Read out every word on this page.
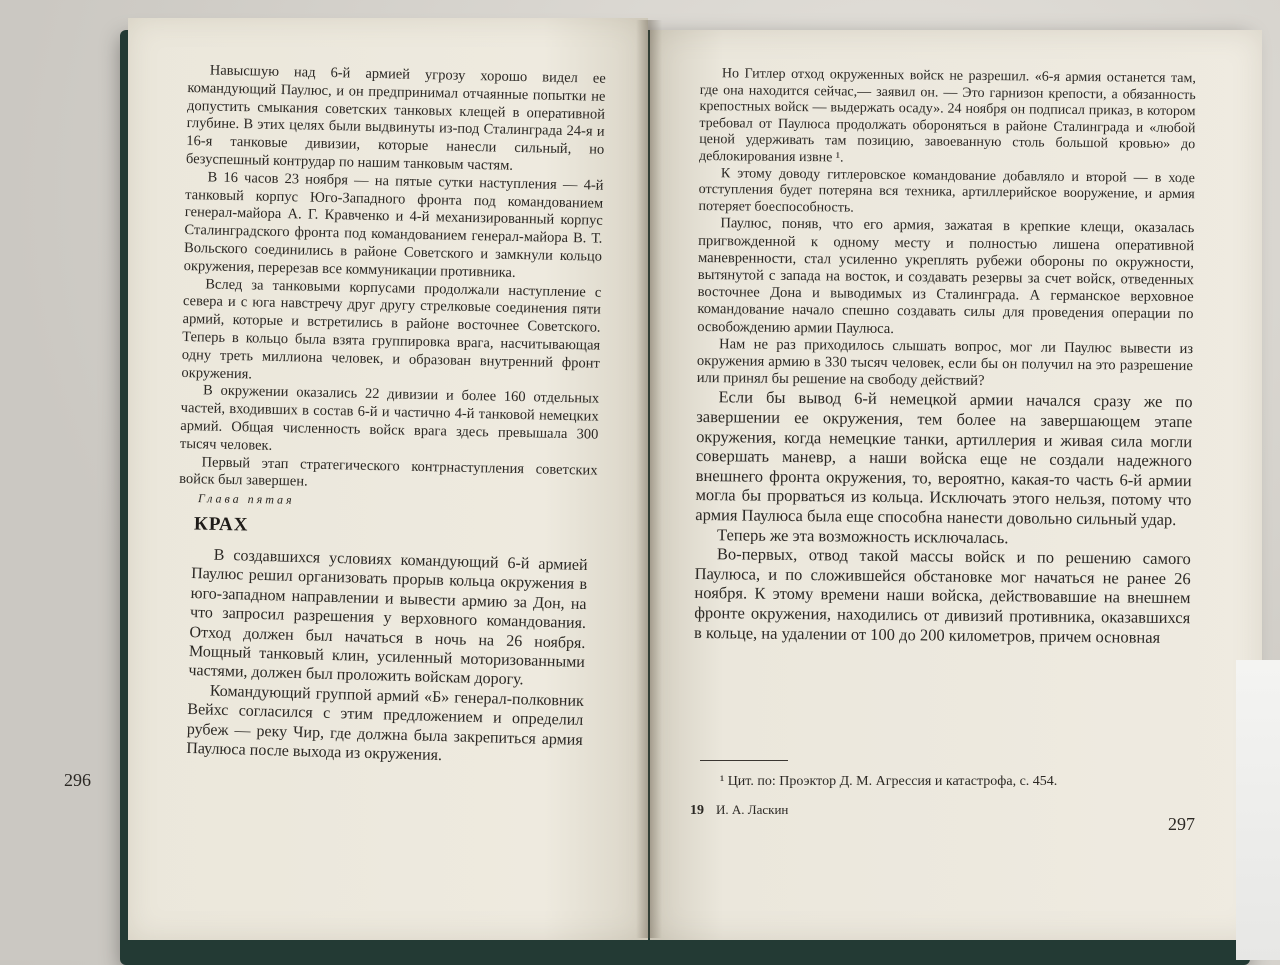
Навысшую над 6-й армией угрозу хорошо видел ее командующий Паулюс, и он предпринимал отчаянные попытки не допустить смыкания советских танковых клещей в оперативной глубине. В этих целях были выдвинуты из-под Сталинграда 24-я и 16-я танковые дивизии, которые нанесли сильный, но безуспешный контрудар по нашим танковым частям.

В 16 часов 23 ноября — на пятые сутки наступления — 4-й танковый корпус Юго-Западного фронта под командованием генерал-майора А. Г. Кравченко и 4-й механизированный корпус Сталинградского фронта под командованием генерал-майора В. Т. Вольского соединились в районе Советского и замкнули кольцо окружения, перерезав все коммуникации противника.

Вслед за танковыми корпусами продолжали наступление с севера и с юга навстречу друг другу стрелковые соединения пяти армий, которые и встретились в районе восточнее Советского. Теперь в кольцо была взята группировка врага, насчитывающая одну треть миллиона человек, и образован внутренний фронт окружения.

В окружении оказались 22 дивизии и более 160 отдельных частей, входивших в состав 6-й и частично 4-й танковой немецких армий. Общая численность войск врага здесь превышала 300 тысяч человек.

Первый этап стратегического контрнаступления советских войск был завершен.

Глава пятая
КРАХ

В создавшихся условиях командующий 6-й армией Паулюс решил организовать прорыв кольца окружения в юго-западном направлении и вывести армию за Дон, на что запросил разрешения у верховного командования. Отход должен был начаться в ночь на 26 ноября. Мощный танковый клин, усиленный моторизованными частями, должен был проложить войскам дорогу.

Командующий группой армий «Б» генерал-полковник Вейхс согласился с этим предложением и определил рубеж — реку Чир, где должна была закрепиться армия Паулюса после выхода из окружения.

296

Но Гитлер отход окруженных войск не разрешил. «6-я армия останется там, где она находится сейчас,— заявил он. — Это гарнизон крепости, а обязанность крепостных войск — выдержать осаду». 24 ноября он подписал приказ, в котором требовал от Паулюса продолжать обороняться в районе Сталинграда и «любой ценой удерживать там позицию, завоеванную столь большой кровью» до деблокирования извне ¹.

К этому доводу гитлеровское командование добавляло и второй — в ходе отступления будет потеряна вся техника, артиллерийское вооружение, и армия потеряет боеспособность.

Паулюс, поняв, что его армия, зажатая в крепкие клещи, оказалась пригвожденной к одному месту и полностью лишена оперативной маневренности, стал усиленно укреплять рубежи обороны по окружности, вытянутой с запада на восток, и создавать резервы за счет войск, отведенных восточнее Дона и выводимых из Сталинграда. А германское верховное командование начало спешно создавать силы для проведения операции по освобождению армии Паулюса.

Нам не раз приходилось слышать вопрос, мог ли Паулюс вывести из окружения армию в 330 тысяч человек, если бы он получил на это разрешение или принял бы решение на свободу действий?

Если бы вывод 6-й немецкой армии начался сразу же по завершении ее окружения, тем более на завершающем этапе окружения, когда немецкие танки, артиллерия и живая сила могли совершать маневр, а наши войска еще не создали надежного внешнего фронта окружения, то, вероятно, какая-то часть 6-й армии могла бы прорваться из кольца. Исключать этого нельзя, потому что армия Паулюса была еще способна нанести довольно сильный удар.

Теперь же эта возможность исключалась.

Во-первых, отвод такой массы войск и по решению самого Паулюса, и по сложившейся обстановке мог начаться не ранее 26 ноября. К этому времени наши войска, действовавшие на внешнем фронте окружения, находились от дивизий противника, оказавшихся в кольце, на удалении от 100 до 200 километров, причем основная

¹ Цит. по: Проэктор Д. М. Агрессия и катастрофа, с. 454.
19 И. А. Ласкин
297
